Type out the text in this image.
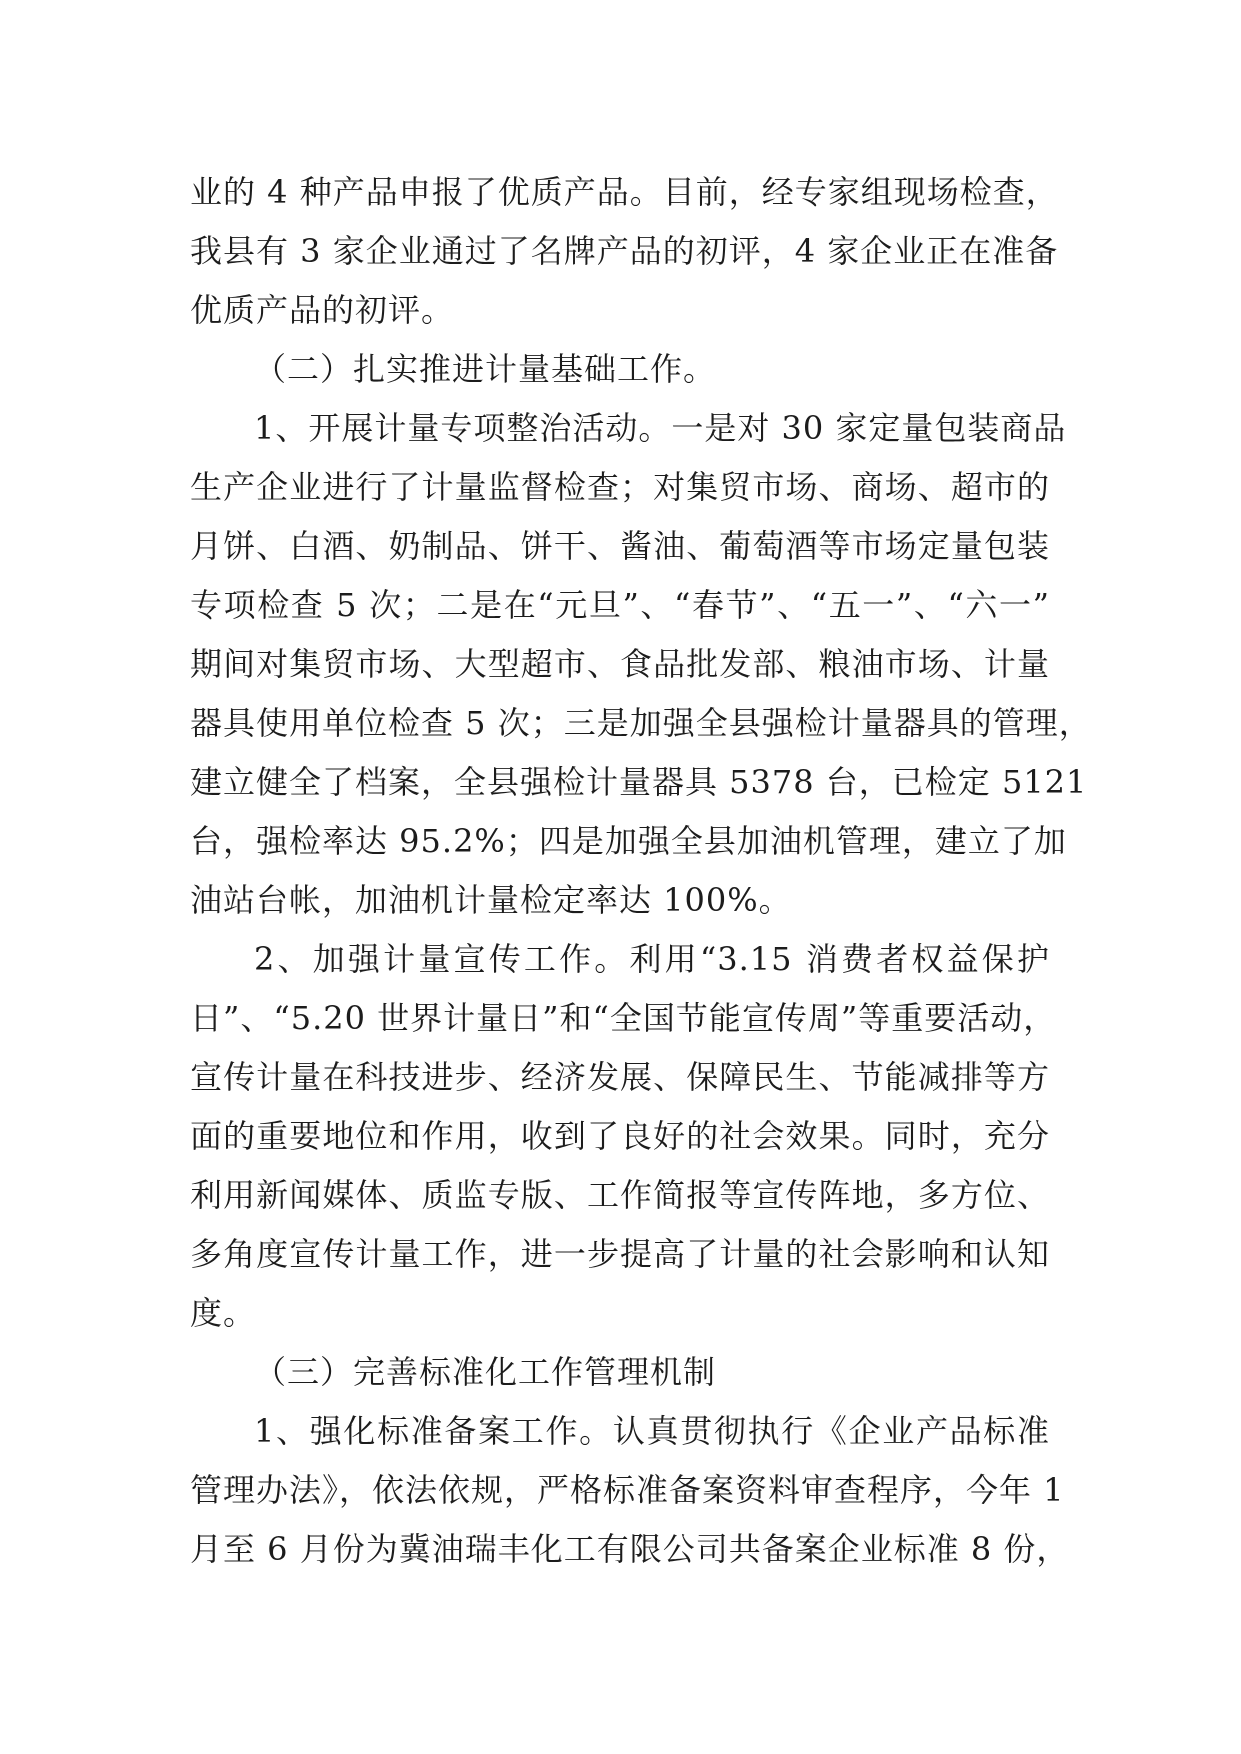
业的 4 种产品申报了优质产品。目前，经专家组现场检查，
我县有 3 家企业通过了名牌产品的初评，4 家企业正在准备
优质产品的初评。
（二）扎实推进计量基础工作。
1、开展计量专项整治活动。一是对 30 家定量包装商品
生产企业进行了计量监督检查；对集贸市场、商场、超市的
月饼、白酒、奶制品、饼干、酱油、葡萄酒等市场定量包装
专项检查 5 次；二是在“元旦”、“春节”、“五一”、“六一”
期间对集贸市场、大型超市、食品批发部、粮油市场、计量
器具使用单位检查 5 次；三是加强全县强检计量器具的管理，
建立健全了档案，全县强检计量器具 5378 台，已检定 5121
台，强检率达 95.2%；四是加强全县加油机管理，建立了加
油站台帐，加油机计量检定率达 100%。
2、加强计量宣传工作。利用“3.15 消费者权益保护
日”、“5.20 世界计量日”和“全国节能宣传周”等重要活动，
宣传计量在科技进步、经济发展、保障民生、节能减排等方
面的重要地位和作用，收到了良好的社会效果。同时，充分
利用新闻媒体、质监专版、工作简报等宣传阵地，多方位、
多角度宣传计量工作，进一步提高了计量的社会影响和认知
度。
（三）完善标准化工作管理机制
1、强化标准备案工作。认真贯彻执行《企业产品标准
管理办法》，依法依规，严格标准备案资料审查程序，今年 1
月至 6 月份为冀油瑞丰化工有限公司共备案企业标准 8 份，
